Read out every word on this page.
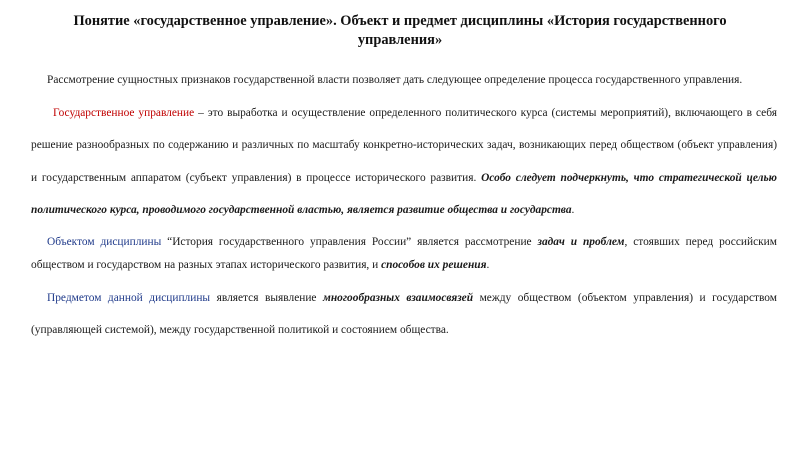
Понятие «государственное управление». Объект и предмет дисциплины «История государственного управления»

Рассмотрение сущностных признаков государственной власти позволяет дать следующее определение процесса государственного управления.

Государственное управление – это выработка и осуществление определенного политического курса (системы мероприятий), включающего в себя решение разнообразных по содержанию и различных по масштабу конкретно-исторических задач, возникающих перед обществом (объект управления) и государственным аппаратом (субъект управления) в процессе исторического развития. Особо следует подчеркнуть, что стратегической целью политического курса, проводимого государственной властью, является развитие общества и государства.

Объектом дисциплины “История государственного управления России” является рассмотрение задач и проблем, стоявших перед российским обществом и государством на разных этапах исторического развития, и способов их решения.

Предметом данной дисциплины является выявление многообразных взаимосвязей между обществом (объектом управления) и государством (управляющей системой), между государственной политикой и состоянием общества.
